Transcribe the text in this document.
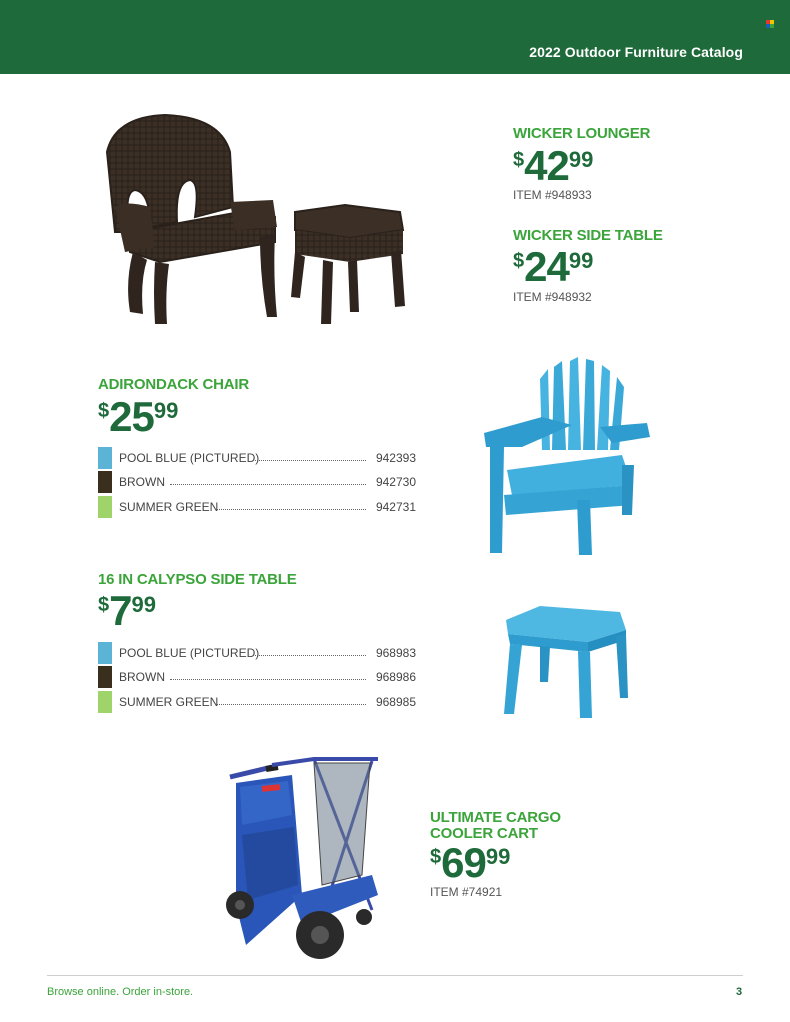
2022 Outdoor Furniture Catalog
WICKER LOUNGER
$4299
ITEM #948933
WICKER SIDE TABLE
$2499
ITEM #948932
ADIRONDACK CHAIR
$2599
POOL BLUE (PICTURED)	942393
BROWN	942730
SUMMER GREEN	942731
16 IN CALYPSO SIDE TABLE
$799
POOL BLUE (PICTURED)	968983
BROWN	968986
SUMMER GREEN	968985
ULTIMATE CARGO
COOLER CART
$6999
ITEM #74921
Browse online. Order in-store.	3
